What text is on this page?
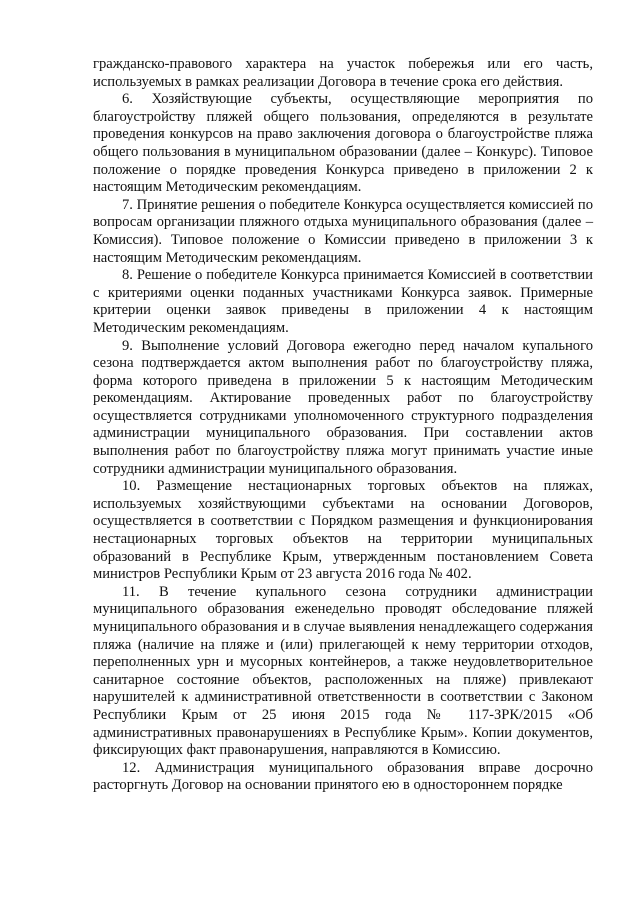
гражданско-правового характера на участок побережья или его часть, используемых в рамках реализации Договора в течение срока его действия.

6. Хозяйствующие субъекты, осуществляющие мероприятия по благоустройству пляжей общего пользования, определяются в результате проведения конкурсов на право заключения договора о благоустройстве пляжа общего пользования в муниципальном образовании (далее – Конкурс). Типовое положение о порядке проведения Конкурса приведено в приложении 2 к настоящим Методическим рекомендациям.

7. Принятие решения о победителе Конкурса осуществляется комиссией по вопросам организации пляжного отдыха муниципального образования (далее – Комиссия). Типовое положение о Комиссии приведено в приложении 3 к настоящим Методическим рекомендациям.

8. Решение о победителе Конкурса принимается Комиссией в соответствии с критериями оценки поданных участниками Конкурса заявок. Примерные критерии оценки заявок приведены в приложении 4 к настоящим Методическим рекомендациям.

9. Выполнение условий Договора ежегодно перед началом купального сезона подтверждается актом выполнения работ по благоустройству пляжа, форма которого приведена в приложении 5 к настоящим Методическим рекомендациям. Актирование проведенных работ по благоустройству осуществляется сотрудниками уполномоченного структурного подразделения администрации муниципального образования. При составлении актов выполнения работ по благоустройству пляжа могут принимать участие иные сотрудники администрации муниципального образования.

10. Размещение нестационарных торговых объектов на пляжах, используемых хозяйствующими субъектами на основании Договоров, осуществляется в соответствии с Порядком размещения и функционирования нестационарных торговых объектов на территории муниципальных образований в Республике Крым, утвержденным постановлением Совета министров Республики Крым от 23 августа 2016 года № 402.

11. В течение купального сезона сотрудники администрации муниципального образования еженедельно проводят обследование пляжей муниципального образования и в случае выявления ненадлежащего содержания пляжа (наличие на пляже и (или) прилегающей к нему территории отходов, переполненных урн и мусорных контейнеров, а также неудовлетворительное санитарное состояние объектов, расположенных на пляже) привлекают нарушителей к административной ответственности в соответствии с Законом Республики Крым от 25 июня 2015 года № 117-ЗРК/2015 «Об административных правонарушениях в Республике Крым». Копии документов, фиксирующих факт правонарушения, направляются в Комиссию.

12. Администрация муниципального образования вправе досрочно расторгнуть Договор на основании принятого ею в одностороннем порядке
